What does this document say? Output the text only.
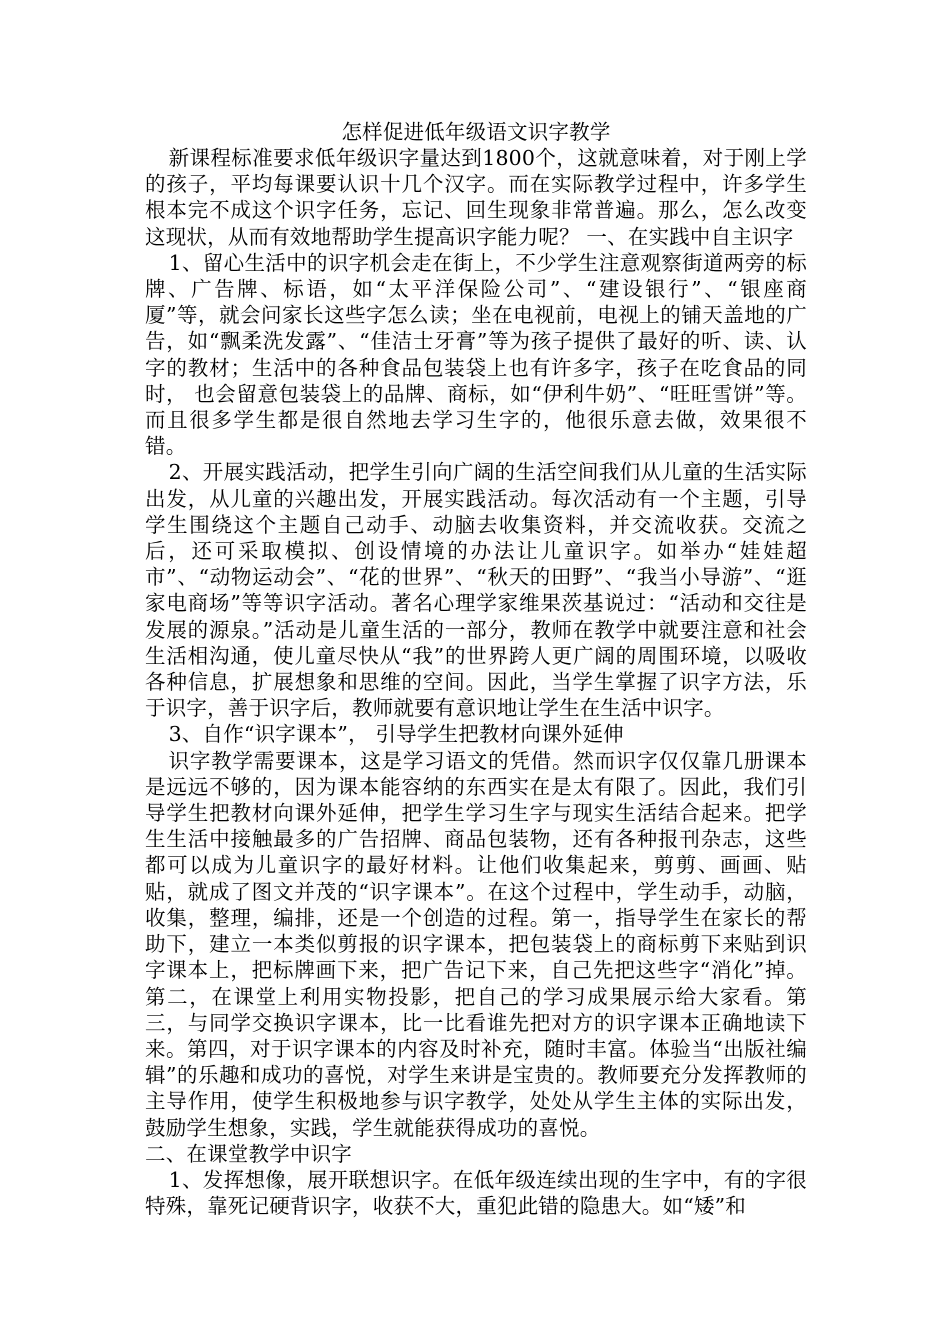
怎样促进低年级语文识字教学

新课程标准要求低年级识字量达到1800个，这就意味着，对于刚上学的孩子，平均每课要认识十几个汉字。而在实际教学过程中，许多学生根本完不成这个识字任务，忘记、回生现象非常普遍。那么，怎么改变这现状，从而有效地帮助学生提高识字能力呢？ 一、在实践中自主识字

1、留心生活中的识字机会走在街上，不少学生注意观察街道两旁的标牌、广告牌、标语，如“太平洋保险公司”、“建设银行”、“银座商厦”等，就会问家长这些字怎么读；坐在电视前，电视上的铺天盖地的广告，如“飘柔洗发露”、“佳洁士牙膏”等为孩子提供了最好的听、读、认字的教材；生活中的各种食品包装袋上也有许多字，孩子在吃食品的同时， 也会留意包装袋上的品牌、商标，如“伊利牛奶”、“旺旺雪饼”等。而且很多学生都是很自然地去学习生字的，他很乐意去做，效果很不错。

2、开展实践活动，把学生引向广阔的生活空间我们从儿童的生活实际出发，从儿童的兴趣出发，开展实践活动。每次活动有一个主题，引导学生围绕这个主题自己动手、动脑去收集资料，并交流收获。交流之后，还可采取模拟、创设情境的办法让儿童识字。如举办“娃娃超市”、“动物运动会”、“花的世界”、“秋天的田野”、“我当小导游”、“逛家电商场”等等识字活动。著名心理学家维果茨基说过：“活动和交往是发展的源泉。”活动是儿童生活的一部分，教师在教学中就要注意和社会生活相沟通，使儿童尽快从“我”的世界跨人更广阔的周围环境，以吸收各种信息，扩展想象和思维的空间。因此，当学生掌握了识字方法，乐于识字，善于识字后，教师就要有意识地让学生在生活中识字。

3、自作“识字课本”， 引导学生把教材向课外延伸

识字教学需要课本，这是学习语文的凭借。然而识字仅仅靠几册课本是远远不够的，因为课本能容纳的东西实在是太有限了。因此，我们引导学生把教材向课外延伸，把学生学习生字与现实生活结合起来。把学生生活中接触最多的广告招牌、商品包装物，还有各种报刊杂志，这些都可以成为儿童识字的最好材料。让他们收集起来，剪剪、画画、贴贴，就成了图文并茂的“识字课本”。在这个过程中，学生动手，动脑，收集，整理，编排，还是一个创造的过程。第一，指导学生在家长的帮助下，建立一本类似剪报的识字课本，把包装袋上的商标剪下来贴到识字课本上，把标牌画下来，把广告记下来，自己先把这些字“消化”掉。第二，在课堂上利用实物投影，把自己的学习成果展示给大家看。第三，与同学交换识字课本，比一比看谁先把对方的识字课本正确地读下来。第四，对于识字课本的内容及时补充，随时丰富。体验当“出版社编辑”的乐趣和成功的喜悦，对学生来讲是宝贵的。教师要充分发挥教师的主导作用，使学生积极地参与识字教学，处处从学生主体的实际出发，鼓励学生想象，实践，学生就能获得成功的喜悦。

二、在课堂教学中识字

1、发挥想像，展开联想识字。在低年级连续出现的生字中，有的字很特殊，靠死记硬背识字，收获不大，重犯此错的隐患大。如“矮”和
